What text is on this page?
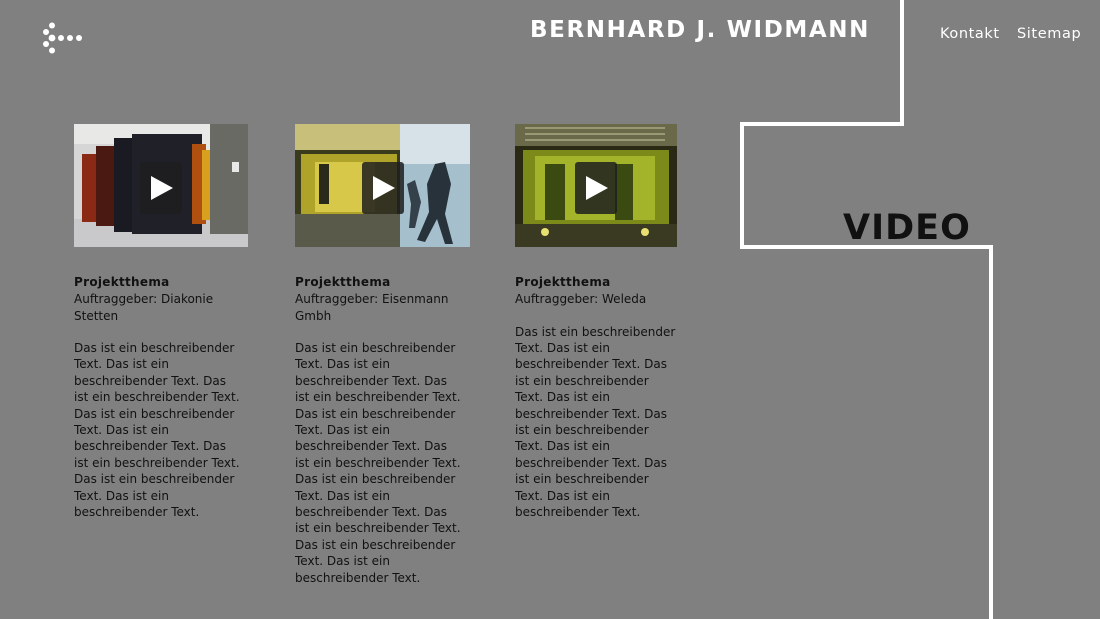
BERNHARD J. WIDMANN	Kontakt Sitemap
VIDEO
Projektthema
Auftraggeber: Diakonie Stetten
Das ist ein beschreibender Text. Das ist ein beschreibender Text. Das ist ein beschreibender Text. Das ist ein beschreibender Text. Das ist ein beschreibender Text. Das ist ein beschreibender Text. Das ist ein beschreibender Text. Das ist ein beschreibender Text.
Projektthema
Auftraggeber: Eisenmann Gmbh
Das ist ein beschreibender Text. Das ist ein beschreibender Text. Das ist ein beschreibender Text. Das ist ein beschreibender Text. Das ist ein beschreibender Text. Das ist ein beschreibender Text. Das ist ein beschreibender Text. Das ist ein beschreibender Text. Das ist ein beschreibender Text. Das ist ein beschreibender Text. Das ist ein beschreibender Text.
Projektthema
Auftraggeber: Weleda
Das ist ein beschreibender Text. Das ist ein beschreibender Text. Das ist ein beschreibender Text. Das ist ein beschreibender Text. Das ist ein beschreibender Text. Das ist ein beschreibender Text. Das ist ein beschreibender Text. Das ist ein beschreibender Text.
